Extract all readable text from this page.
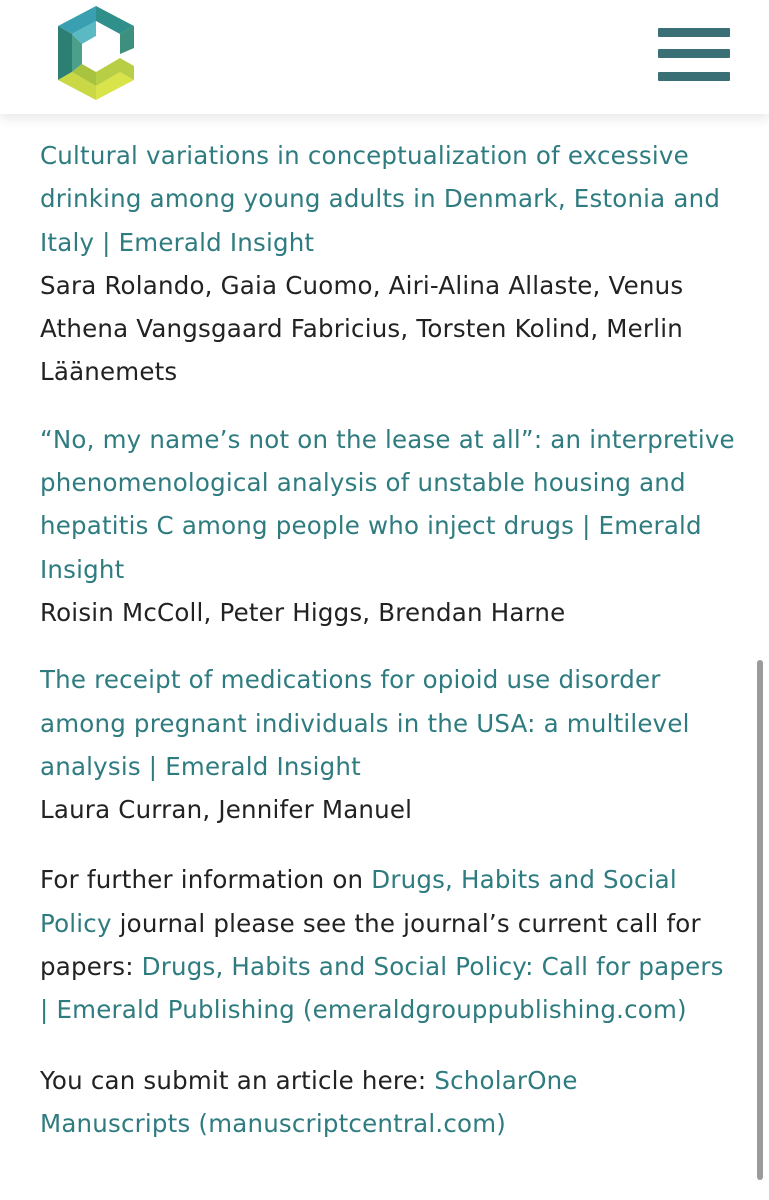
Cultural variations in conceptualization of excessive
drinking among young adults in Denmark, Estonia and
Italy | Emerald Insight
Sara Rolando, Gaia Cuomo, Airi-Alina Allaste, Venus
Athena Vangsgaard Fabricius, Torsten Kolind, Merlin
Läänemets
“No, my name’s not on the lease at all”: an interpretive
phenomenological analysis of unstable housing and
hepatitis C among people who inject drugs | Emerald
Insight
Roisin McColl, Peter Higgs, Brendan Harne
The receipt of medications for opioid use disorder
among pregnant individuals in the USA: a multilevel
analysis | Emerald Insight
Laura Curran, Jennifer Manuel

For further information on Drugs, Habits and Social
Policy journal please see the journal’s current call for
papers: Drugs, Habits and Social Policy: Call for papers
| Emerald Publishing (emeraldgrouppublishing.com)

You can submit an article here: ScholarOne
Manuscripts (manuscriptcentral.com)
